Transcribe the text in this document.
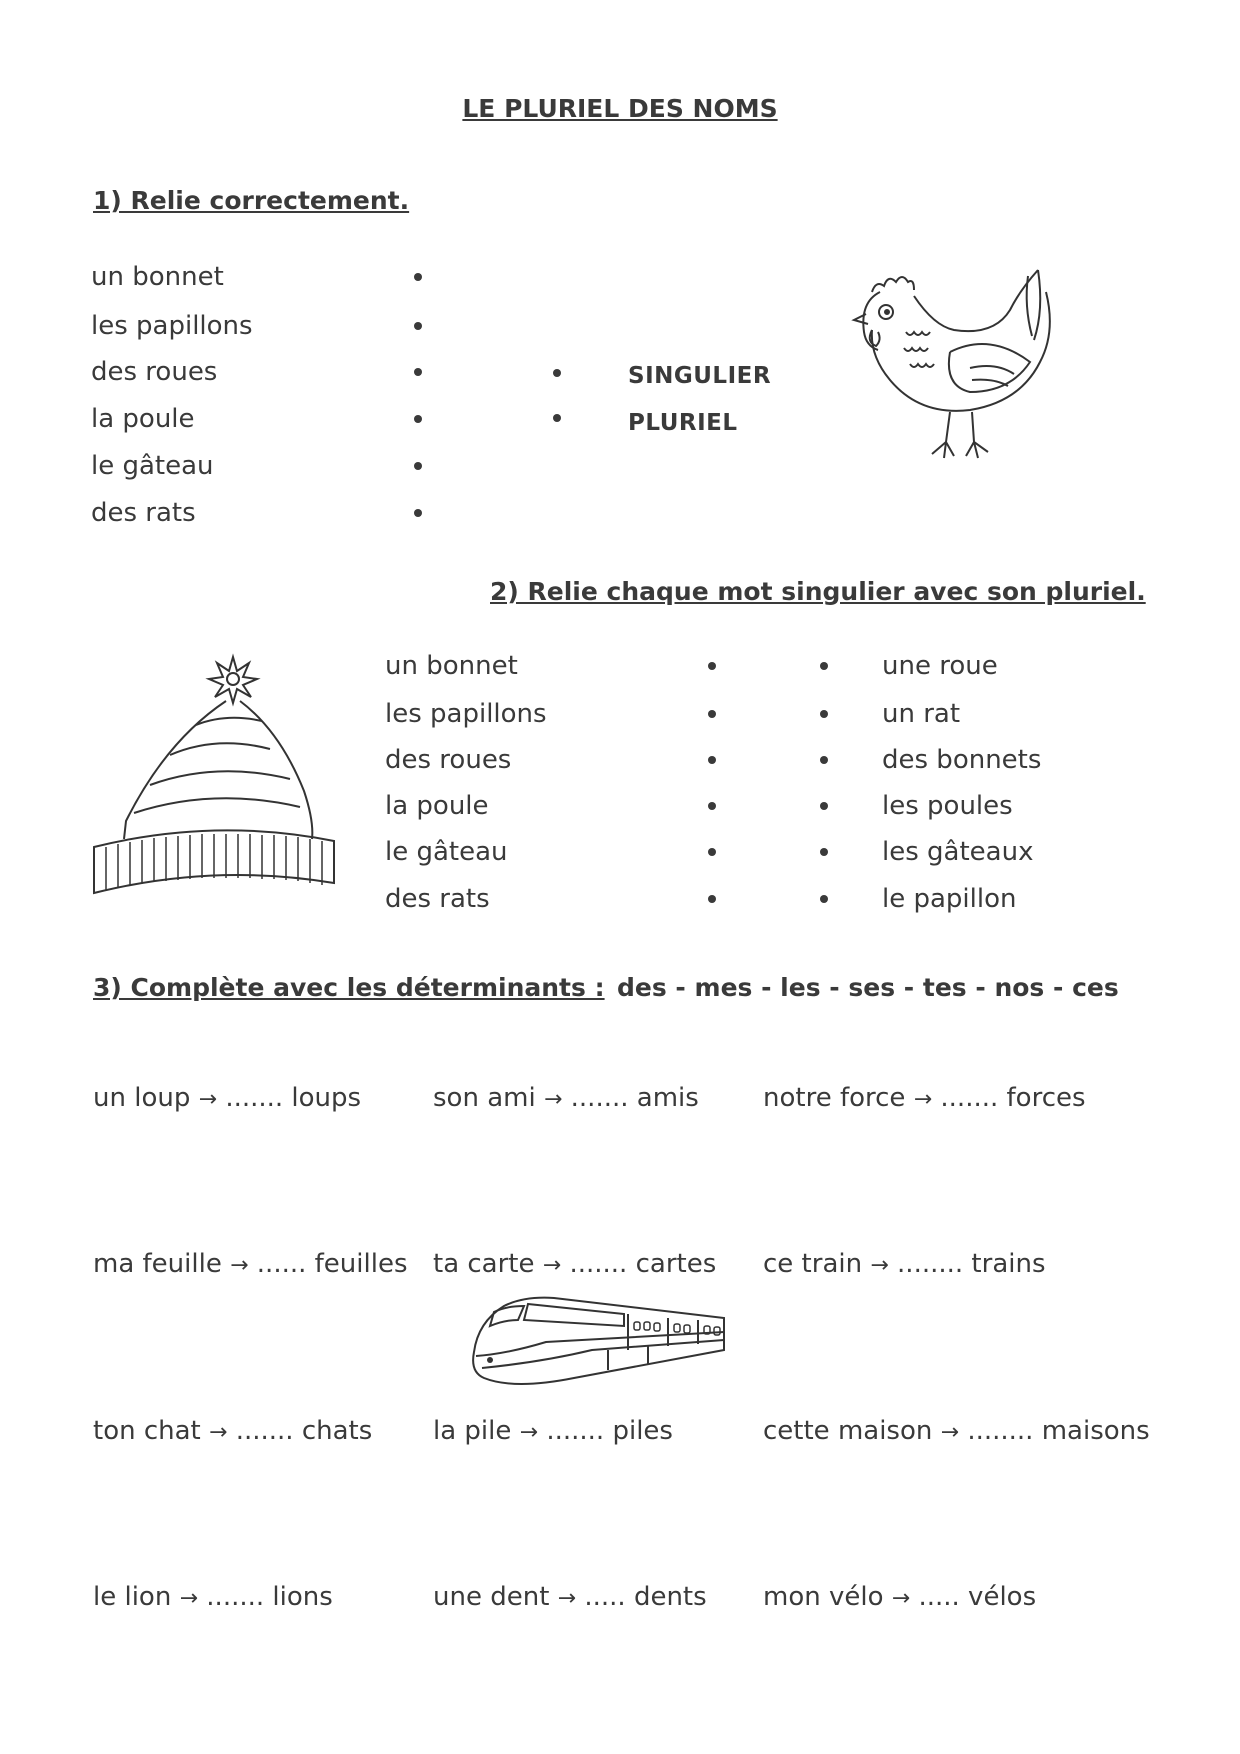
LE PLURIEL DES NOMS
1) Relie correctement.
un bonnet
les papillons
des roues
la poule
le gâteau
des rats
SINGULIER
PLURIEL
2) Relie chaque mot singulier avec son pluriel.
un bonnet
les papillons
des roues
la poule
le gâteau
des rats
une roue
un rat
des bonnets
les poules
les gâteaux
le papillon
3) Complète avec les déterminants : des - mes - les - ses - tes - nos - ces
un loup → ....... loups	son ami → ....... amis notre force → ....... forces
ma feuille → ...... feuilles ta carte → ....... cartes ce train → ........ trains
ton chat → ....... chats la pile → ....... piles	cette maison → ........ maisons
le lion → ....... lions	une dent → ..... dents mon vélo → ..... vélos
